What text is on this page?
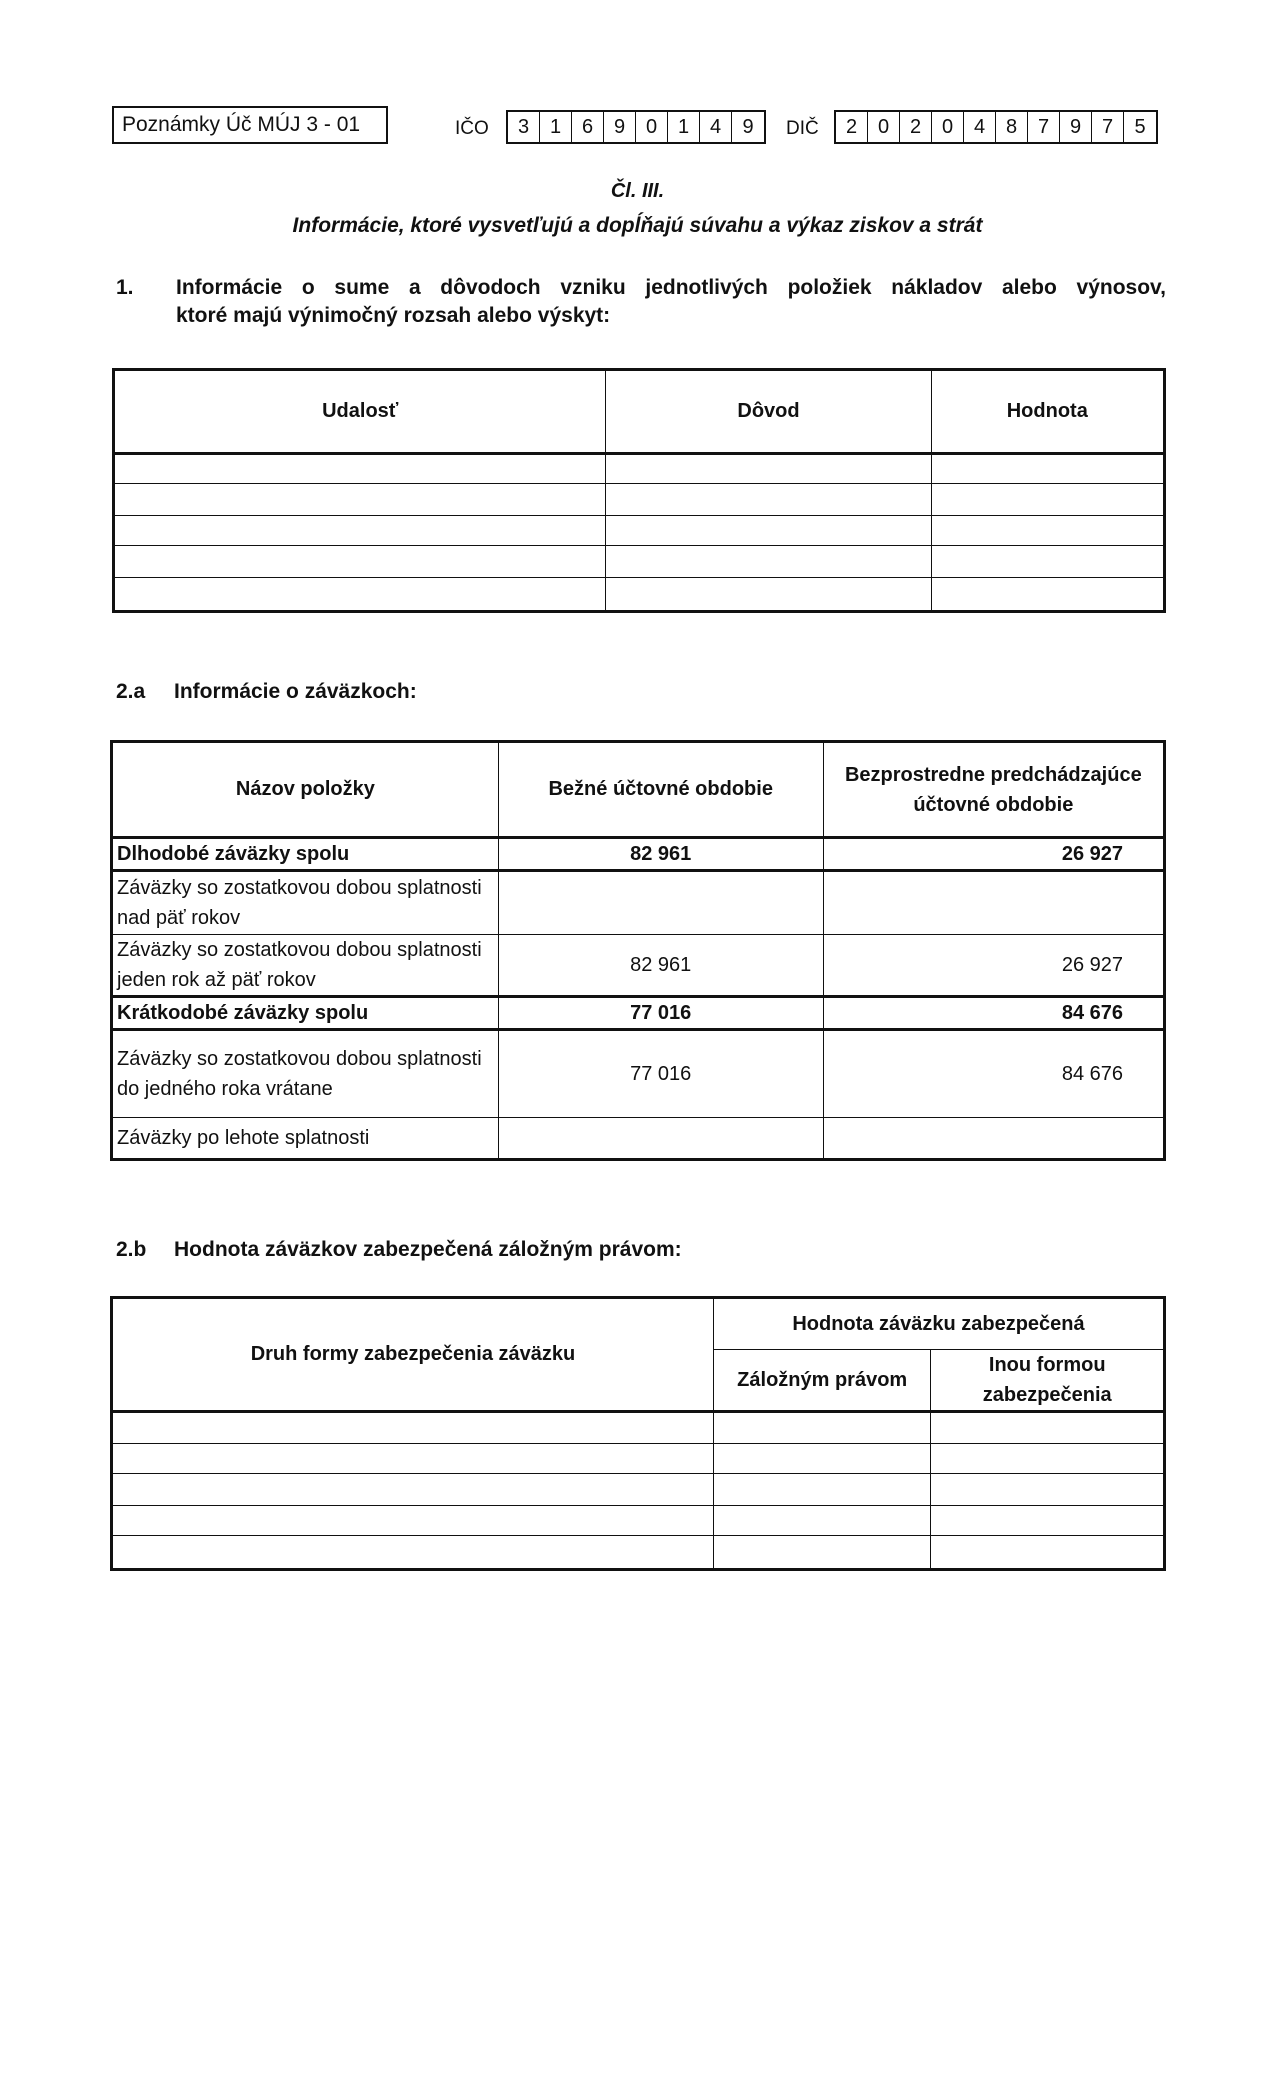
Poznámky Úč MÚJ 3 - 01	IČO	3	1	6	9	0	1	4	9	DIČ	2	0	2	0	4	8	7	9	7	5
Čl. III.
Informácie, ktoré vysvetľujú a dopĺňajú súvahu a výkaz ziskov a strát
1. Informácie o sume a dôvodoch vzniku jednotlivých položiek nákladov alebo výnosov,
ktoré majú výnimočný rozsah alebo výskyt:
Udalosť	Dôvod	Hodnota

2.a Informácie o záväzkoch:
Názov položky	Bežné účtovné obdobie	Bezprostredne predchádzajúce účtovné obdobie
Dlhodobé záväzky spolu	82 961	26 927
Záväzky so zostatkovou dobou splatnosti nad päť rokov		
Záväzky so zostatkovou dobou splatnosti jeden rok až päť rokov	82 961	26 927
Krátkodobé záväzky spolu	77 016	84 676
Záväzky so zostatkovou dobou splatnosti do jedného roka vrátane	77 016	84 676
Záväzky po lehote splatnosti		
2.b Hodnota záväzkov zabezpečená záložným právom:
Druh formy zabezpečenia záväzku	Hodnota záväzku zabezpečená	
	Záložným právom	Inou formou zabezpečenia
